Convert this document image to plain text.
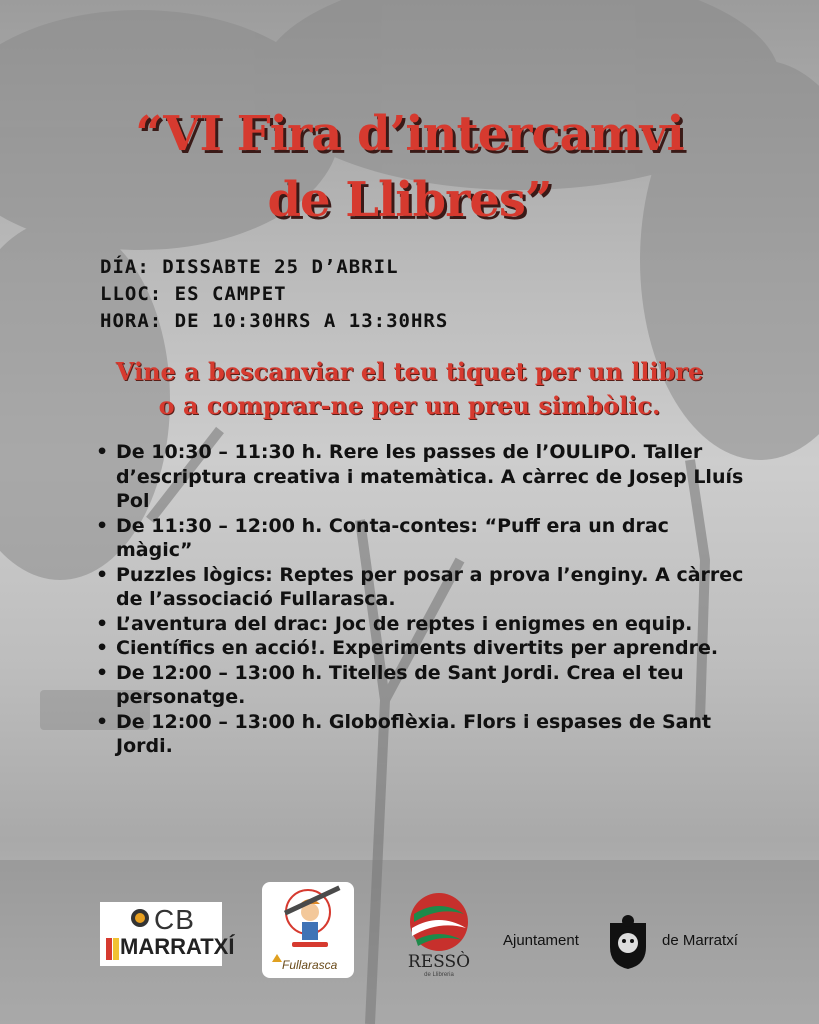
“VI Fira d’intercamvi
de Llibres”
DÍA: DISSABTE 25 D’ABRIL
LLOC: ES CAMPET
HORA: DE 10:30HRS A 13:30HRS
Vine a bescanviar el teu tiquet per un llibre
o a comprar-ne per un preu simbòlic.
• De 10:30 – 11:30 h. Rere les passes de l’OULIPO. Taller d’escriptura creativa i matemàtica. A càrrec de Josep Lluís Pol
• De 11:30 – 12:00 h. Conta-contes: “Puff era un drac màgic”
• Puzzles lògics: Reptes per posar a prova l’enginy. A càrrec de l’associació Fullarasca.
• L’aventura del drac: Joc de reptes i enigmes en equip.
• Científics en acció!. Experiments divertits per aprendre.
• De 12:00 – 13:00 h. Titelles de Sant Jordi. Crea el teu personatge.
• De 12:00 – 13:00 h. Globoflèxia. Flors i espases de Sant Jordi.
CB
MARRATXÍ
Fullarasca	RESSÒ
de Llibreria
Ajuntament	de Marratxí
